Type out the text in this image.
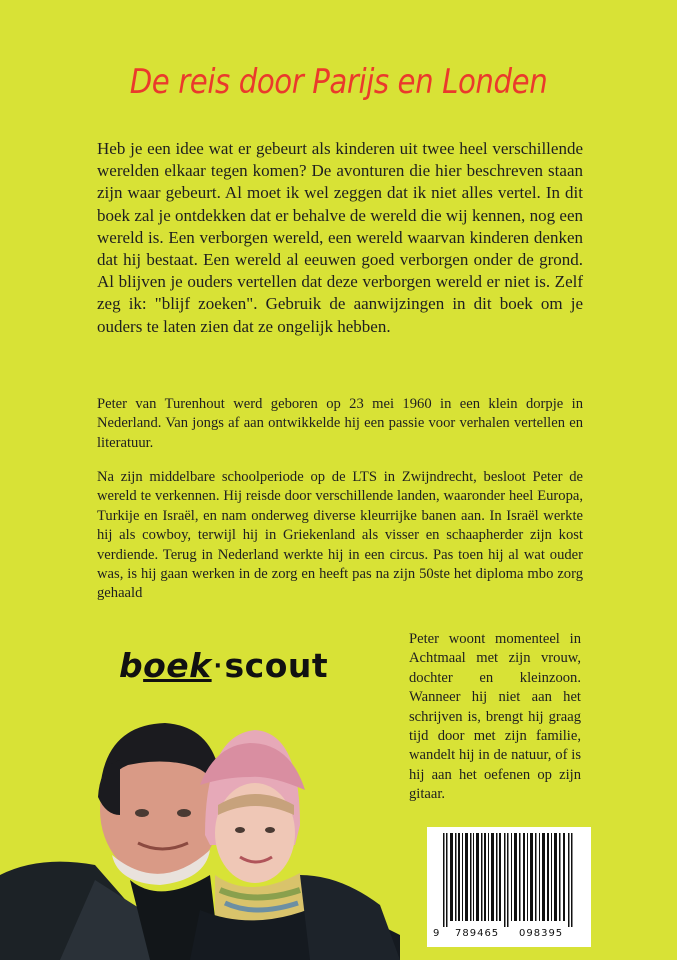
De reis door Parijs en Londen

Heb je een idee wat er gebeurt als kinderen uit twee heel verschillende werelden elkaar tegen komen? De avonturen die hier beschreven staan zijn waar gebeurt. Al moet ik wel zeggen dat ik niet alles vertel. In dit boek zal je ontdekken dat er behalve de wereld die wij kennen, nog een wereld is. Een verborgen wereld, een wereld waarvan kinderen denken dat hij bestaat. Een wereld al eeuwen goed verborgen onder de grond. Al blijven je ouders vertellen dat deze verborgen wereld er niet is. Zelf zeg ik: "blijf zoeken". Gebruik de aanwijzingen in dit boek om je ouders te laten zien dat ze ongelijk hebben.

Peter van Turenhout werd geboren op 23 mei 1960 in een klein dorpje in Nederland. Van jongs af aan ontwikkelde hij een passie voor verhalen vertellen en literatuur.

Na zijn middelbare schoolperiode op de LTS in Zwijndrecht, besloot Peter de wereld te verkennen. Hij reisde door verschillende landen, waaronder heel Europa, Turkije en Israël, en nam onderweg diverse kleurrijke banen aan. In Israël werkte hij als cowboy, terwijl hij in Griekenland als visser en schaapherder zijn kost verdiende. Terug in Nederland werkte hij in een circus. Pas toen hij al wat ouder was, is hij gaan werken in de zorg en heeft pas na zijn 50ste het diploma mbo zorg gehaald

Peter woont momenteel in Achtmaal met zijn vrouw, dochter en kleinzoon. Wanneer hij niet aan het schrijven is, brengt hij graag tijd door met zijn familie, wandelt hij in de natuur, of is hij aan het oefenen op zijn gitaar.

boek·scout
9 789465 098395
